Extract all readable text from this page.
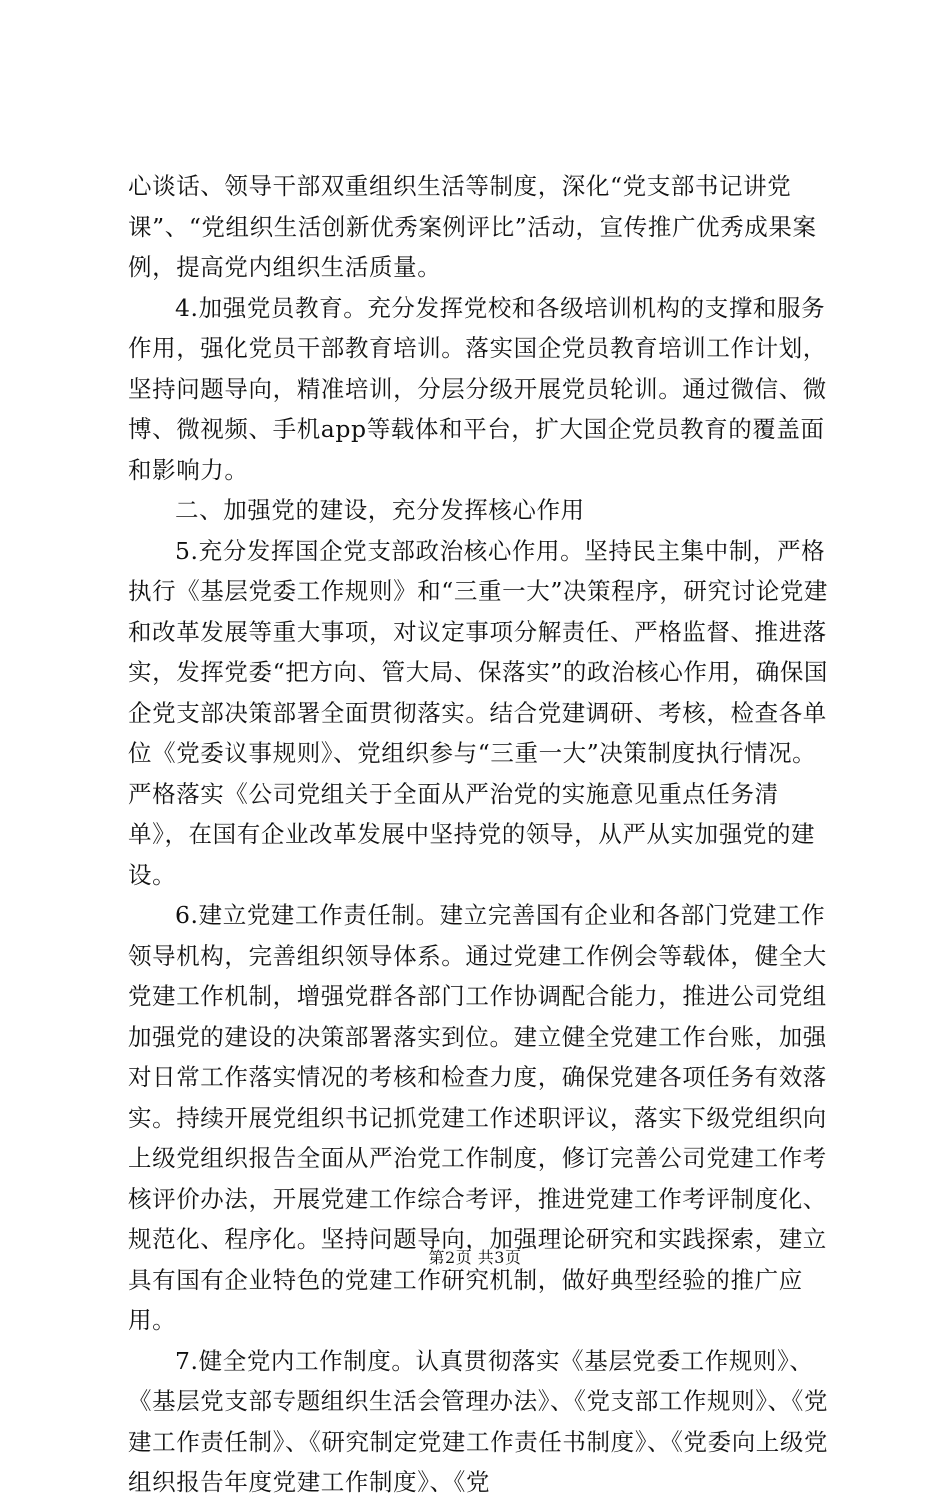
心谈话、领导干部双重组织生活等制度，深化“党支部书记讲党课”、“党组织生活创新优秀案例评比”活动，宣传推广优秀成果案例，提高党内组织生活质量。

4.加强党员教育。充分发挥党校和各级培训机构的支撑和服务作用，强化党员干部教育培训。落实国企党员教育培训工作计划，坚持问题导向，精准培训，分层分级开展党员轮训。通过微信、微博、微视频、手机app等载体和平台，扩大国企党员教育的覆盖面和影响力。

二、加强党的建设，充分发挥核心作用

5.充分发挥国企党支部政治核心作用。坚持民主集中制，严格执行《基层党委工作规则》和“三重一大”决策程序，研究讨论党建和改革发展等重大事项，对议定事项分解责任、严格监督、推进落实，发挥党委“把方向、管大局、保落实”的政治核心作用，确保国企党支部决策部署全面贯彻落实。结合党建调研、考核，检查各单位《党委议事规则》、党组织参与“三重一大”决策制度执行情况。严格落实《公司党组关于全面从严治党的实施意见重点任务清单》，在国有企业改革发展中坚持党的领导，从严从实加强党的建设。

6.建立党建工作责任制。建立完善国有企业和各部门党建工作领导机构，完善组织领导体系。通过党建工作例会等载体，健全大党建工作机制，增强党群各部门工作协调配合能力，推进公司党组加强党的建设的决策部署落实到位。建立健全党建工作台账，加强对日常工作落实情况的考核和检查力度，确保党建各项任务有效落实。持续开展党组织书记抓党建工作述职评议，落实下级党组织向上级党组织报告全面从严治党工作制度，修订完善公司党建工作考核评价办法，开展党建工作综合考评，推进党建工作考评制度化、规范化、程序化。坚持问题导向，加强理论研究和实践探索，建立具有国有企业特色的党建工作研究机制，做好典型经验的推广应用。

7.健全党内工作制度。认真贯彻落实《基层党委工作规则》、《基层党支部专题组织生活会管理办法》、《党支部工作规则》、《党建工作责任制》、《研究制定党建工作责任书制度》、《党委向上级党组织报告年度党建工作制度》、《党

第2页 共3页
